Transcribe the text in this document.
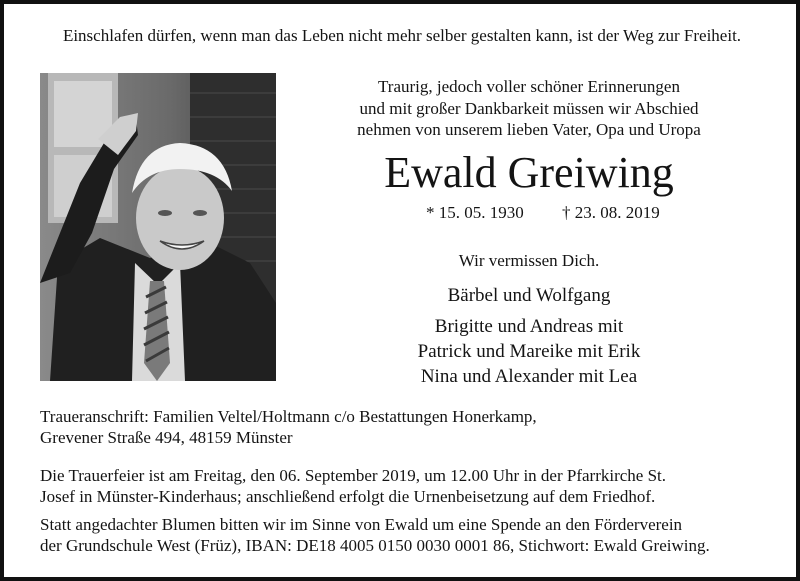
Einschlafen dürfen, wenn man das Leben nicht mehr selber gestalten kann, ist der Weg zur Freiheit.
Traurig, jedoch voller schöner Erinnerungen
und mit großer Dankbarkeit müssen wir Abschied
nehmen von unserem lieben Vater, Opa und Uropa
Ewald Greiwing
* 15. 05. 1930 † 23. 08. 2019
Wir vermissen Dich.
Bärbel und Wolfgang
Brigitte und Andreas mit
Patrick und Mareike mit Erik
Nina und Alexander mit Lea
Traueranschrift: Familien Veltel/Holtmann c/o Bestattungen Honerkamp,
Grevener Straße 494, 48159 Münster
Die Trauerfeier ist am Freitag, den 06. September 2019, um 12.00 Uhr in der Pfarrkirche St.
Josef in Münster-Kinderhaus; anschließend erfolgt die Urnenbeisetzung auf dem Friedhof.
Statt angedachter Blumen bitten wir im Sinne von Ewald um eine Spende an den Förderverein
der Grundschule West (Früz), IBAN: DE18 4005 0150 0030 0001 86, Stichwort: Ewald Greiwing.
